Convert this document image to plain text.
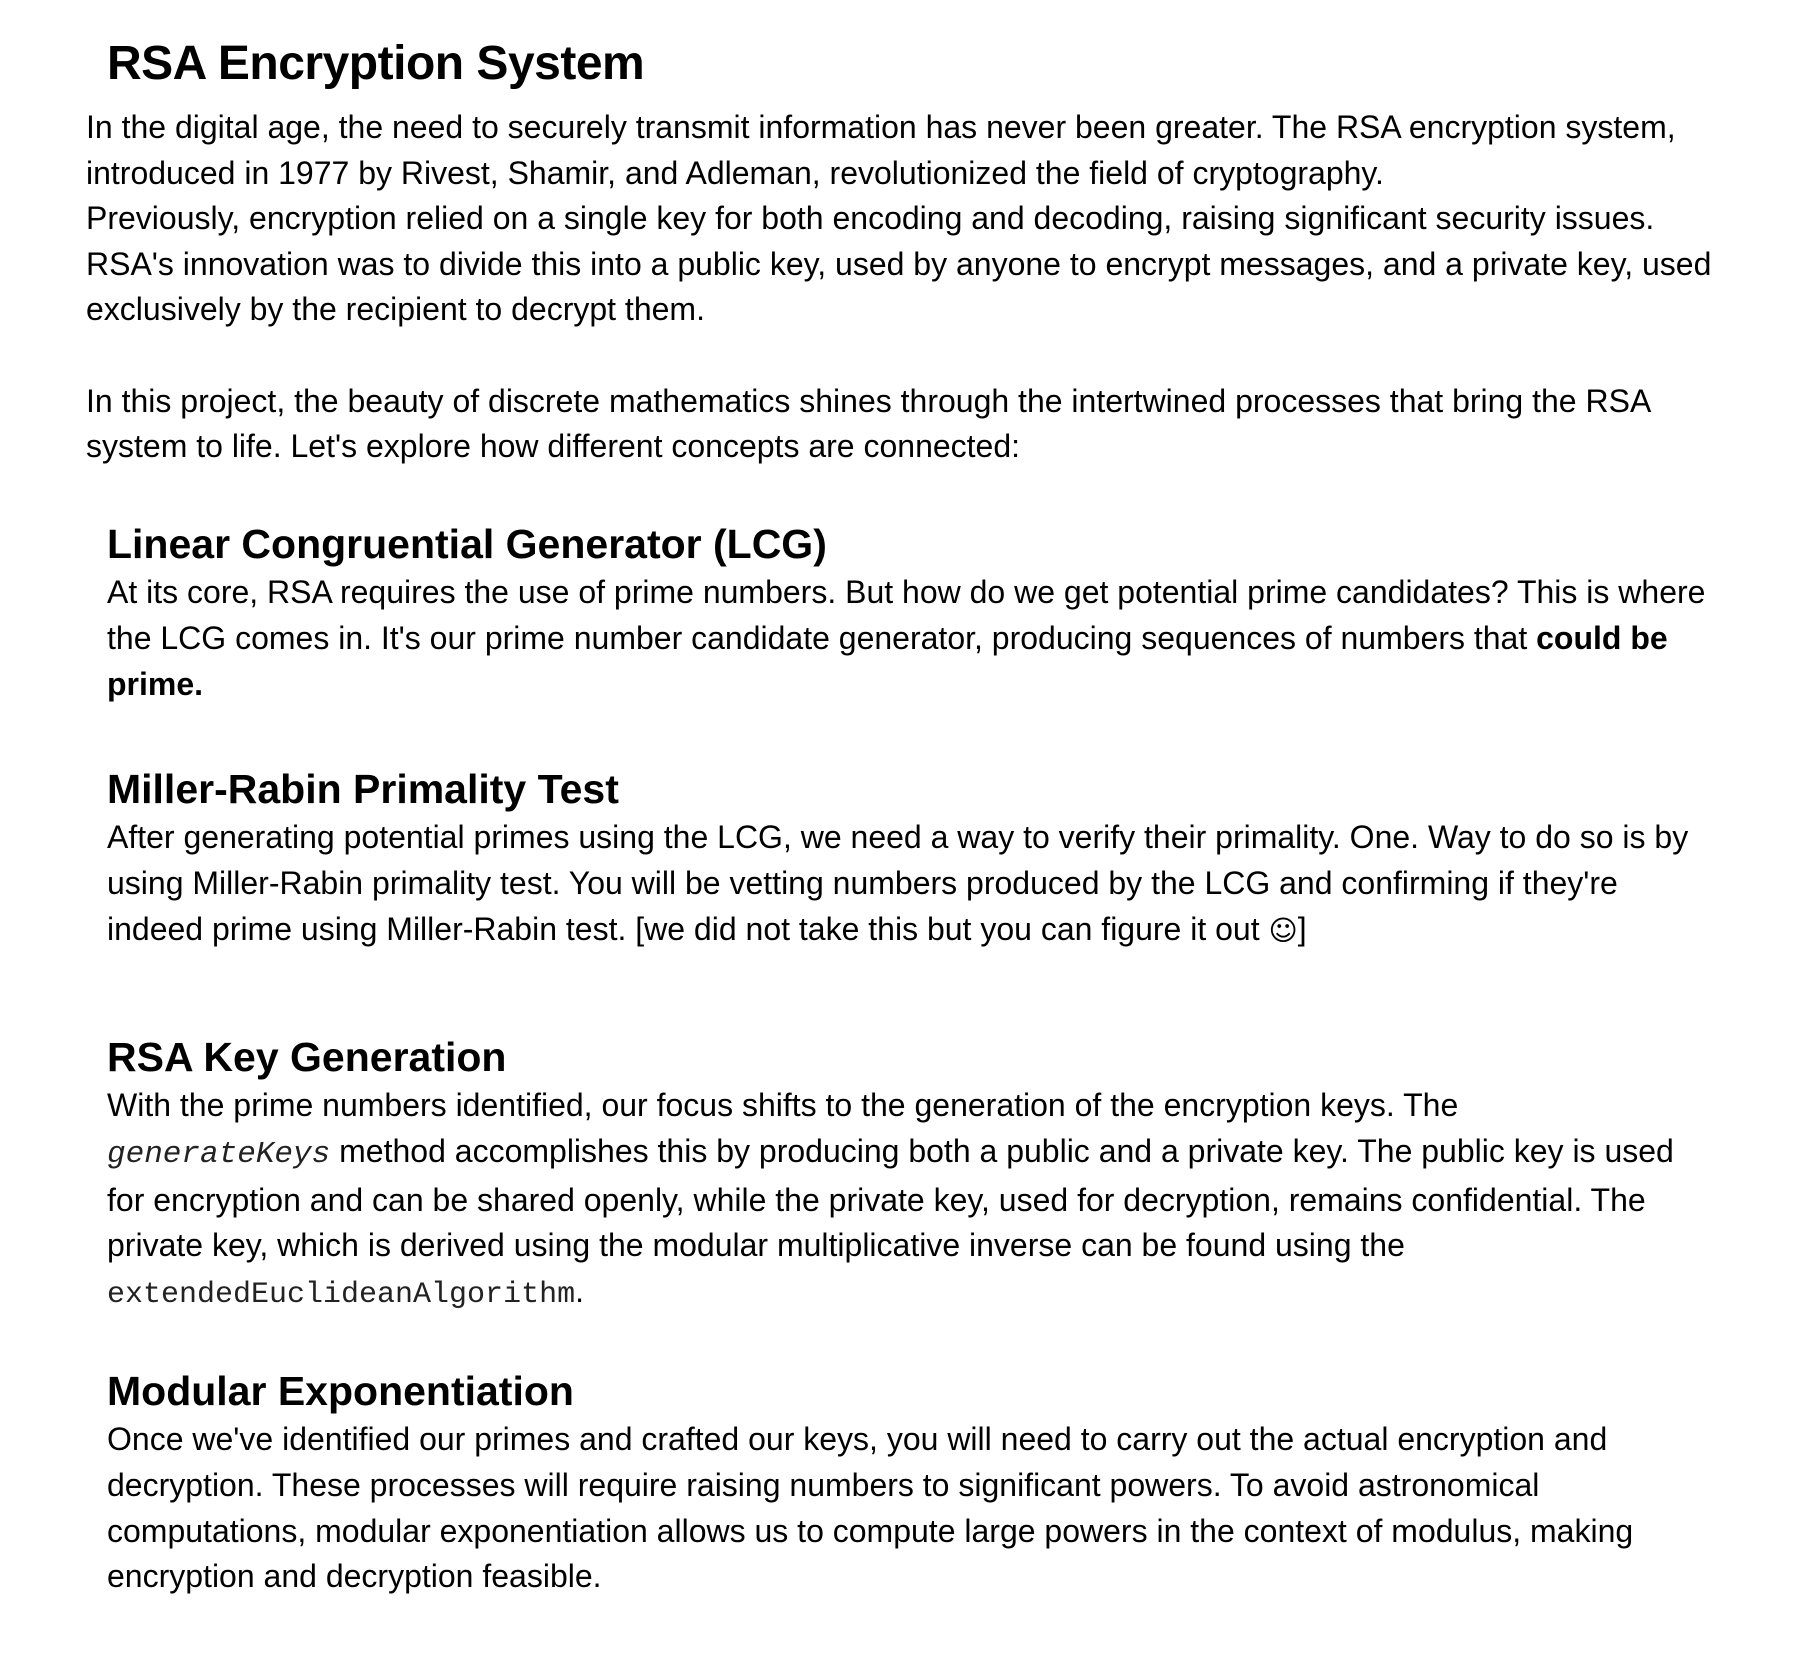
RSA Encryption System

In the digital age, the need to securely transmit information has never been greater. The RSA encryption system,

introduced in 1977 by Rivest, Shamir, and Adleman, revolutionized the field of cryptography.

Previously, encryption relied on a single key for both encoding and decoding, raising significant security issues.

RSA's innovation was to divide this into a public key, used by anyone to encrypt messages, and a private key, used

exclusively by the recipient to decrypt them.

In this project, the beauty of discrete mathematics shines through the intertwined processes that bring the RSA

system to life. Let's explore how different concepts are connected:

Linear Congruential Generator (LCG)
At its core, RSA requires the use of prime numbers. But how do we get potential prime candidates? This is where
the LCG comes in. It's our prime number candidate generator, producing sequences of numbers that could be
prime.
Miller-Rabin Primality Test
After generating potential primes using the LCG, we need a way to verify their primality. One. Way to do so is by
using Miller-Rabin primality test. You will be vetting numbers produced by the LCG and confirming if they're
indeed prime using Miller-Rabin test. [we did not take this but you can figure it out ☺]
RSA Key Generation
With the prime numbers identified, our focus shifts to the generation of the encryption keys. The
generateKeys method accomplishes this by producing both a public and a private key. The public key is used
for encryption and can be shared openly, while the private key, used for decryption, remains confidential. The
private key, which is derived using the modular multiplicative inverse can be found using the
extendedEuclideanAlgorithm.
Modular Exponentiation
Once we've identified our primes and crafted our keys, you will need to carry out the actual encryption and
decryption. These processes will require raising numbers to significant powers. To avoid astronomical
computations, modular exponentiation allows us to compute large powers in the context of modulus, making
encryption and decryption feasible.
